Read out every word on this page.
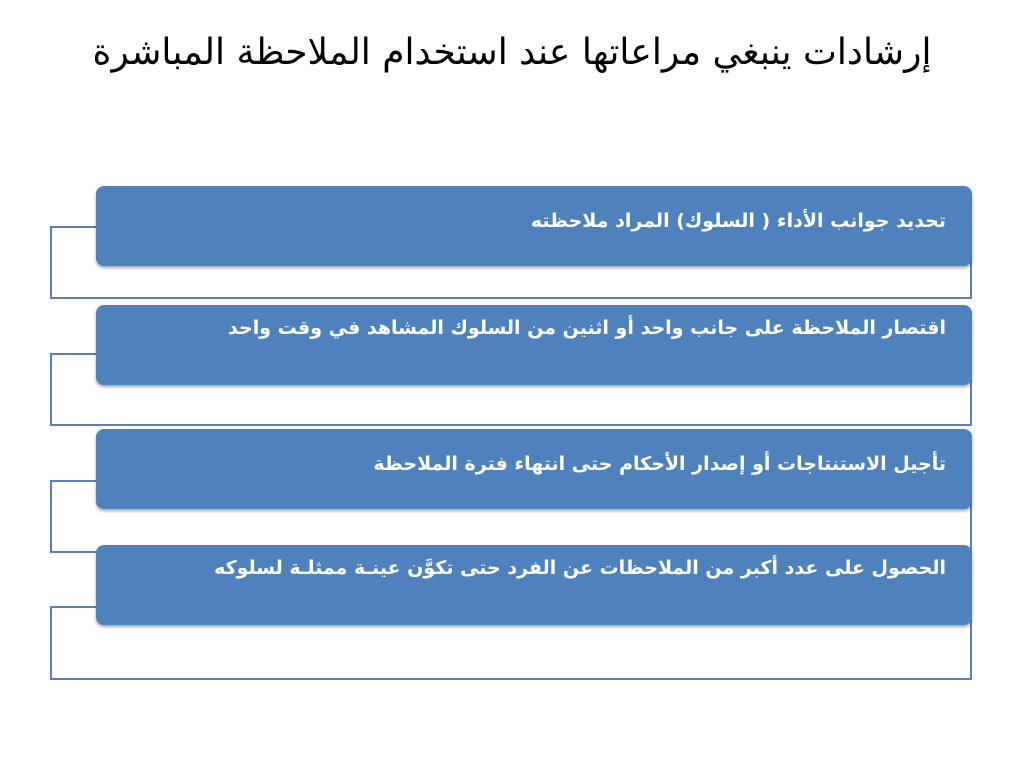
إرشادات ينبغي مراعاتها عند استخدام الملاحظة المباشرة
تحديد جوانب الأداء ( السلوك) المراد ملاحظته
اقتصار الملاحظة على جانب واحد أو اثنين من السلوك المشاهد في وقت واحد
تأجيل الاستنتاجات أو إصدار الأحكام حتى انتهاء فترة الملاحظة
الحصول على عدد أكبر من الملاحظات عن الفرد حتى تكوَّن عينـة ممثلـة لسلوكه
